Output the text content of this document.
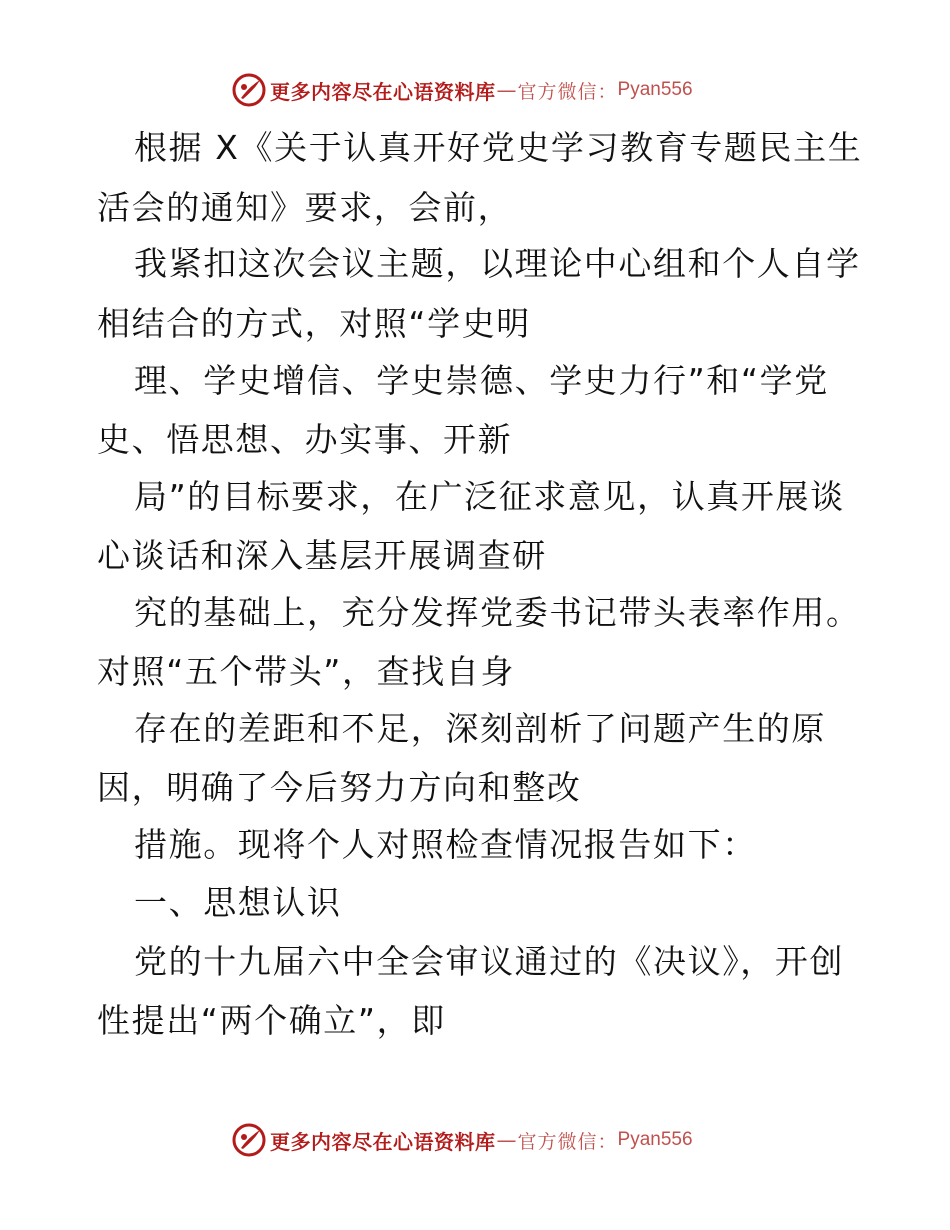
更多内容尽在心语资料库 — 官方微信： Pyan556
根据 X《关于认真开好党史学习教育专题民主生
活会的通知》要求，会前，
我紧扣这次会议主题，以理论中心组和个人自学
相结合的方式，对照“学史明
理、学史增信、学史崇德、学史力行”和“学党
史、悟思想、办实事、开新
局”的目标要求，在广泛征求意见，认真开展谈
心谈话和深入基层开展调查研
究的基础上，充分发挥党委书记带头表率作用。
对照“五个带头”，查找自身
存在的差距和不足，深刻剖析了问题产生的原
因，明确了今后努力方向和整改
措施。现将个人对照检查情况报告如下：
一、思想认识
党的十九届六中全会审议通过的《决议》，开创
性提出“两个确立”，即
更多内容尽在心语资料库 — 官方微信： Pyan556
